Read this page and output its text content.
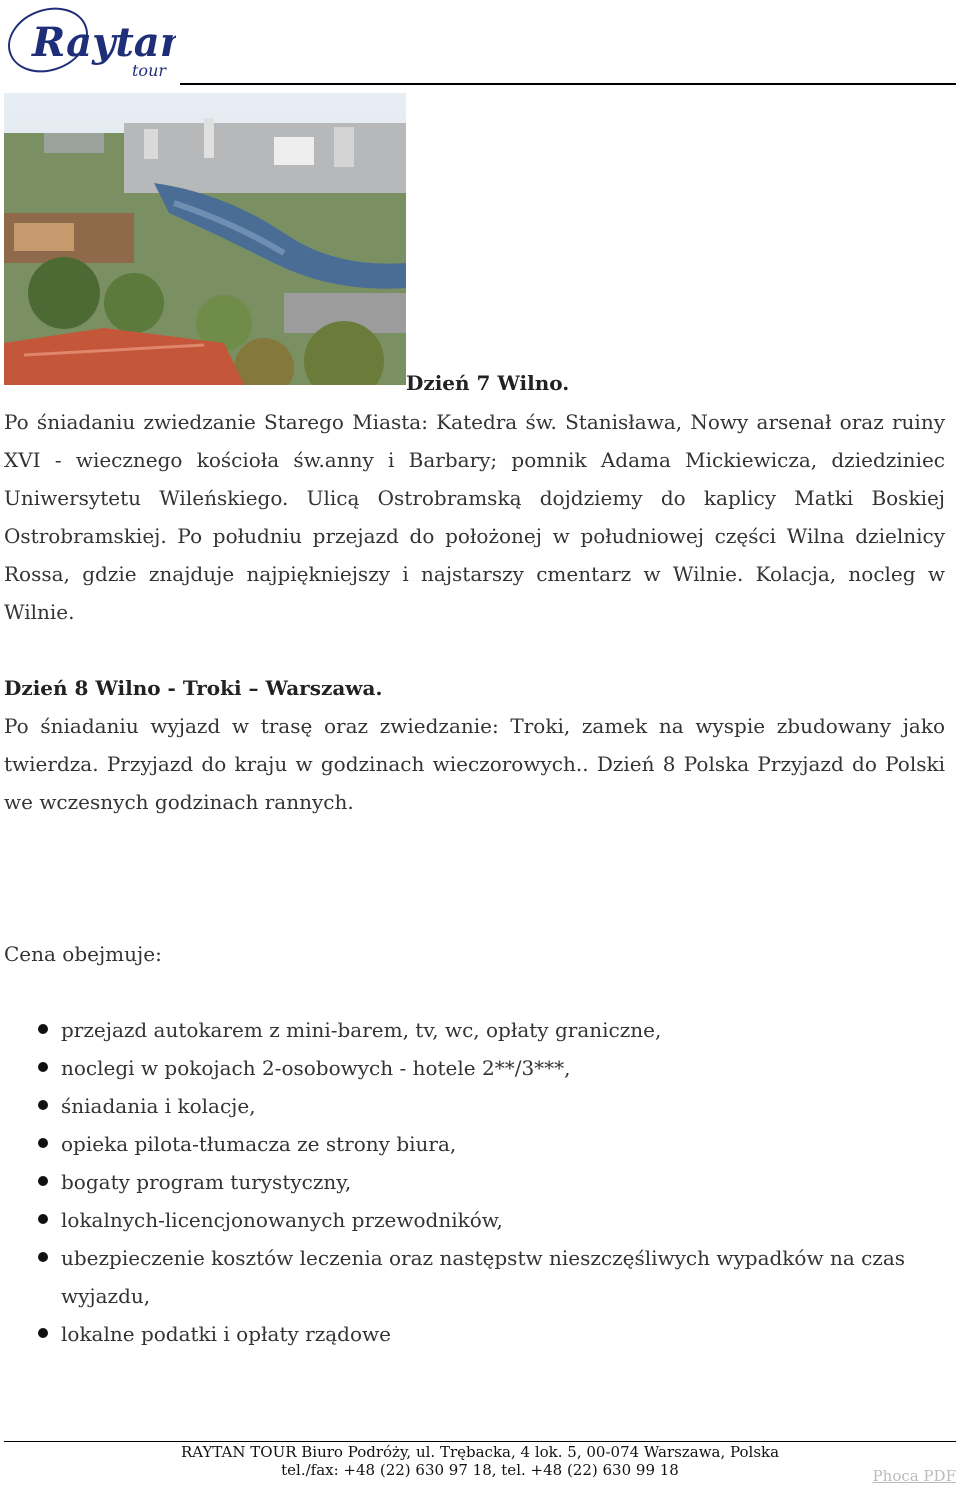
Raytan
tour

Dzień 7 Wilno.

Po śniadaniu zwiedzanie Starego Miasta: Katedra św. Stanisława, Nowy arsenał oraz ruiny XVI - wiecznego kościoła św.anny i Barbary; pomnik Adama Mickiewicza, dziedziniec Uniwersytetu Wileńskiego. Ulicą Ostrobramską dojdziemy do kaplicy Matki Boskiej Ostrobramskiej. Po południu przejazd do położonej w południowej części Wilna dzielnicy Rossa, gdzie znajduje najpiękniejszy i najstarszy cmentarz w Wilnie. Kolacja, nocleg w Wilnie.

Dzień 8 Wilno - Troki – Warszawa.

Po śniadaniu wyjazd w trasę oraz zwiedzanie: Troki, zamek na wyspie zbudowany jako twierdza. Przyjazd do kraju w godzinach wieczorowych.. Dzień 8 Polska Przyjazd do Polski we wczesnych godzinach rannych.

Cena obejmuje:
przejazd autokarem z mini-barem, tv, wc, opłaty graniczne,
noclegi w pokojach 2-osobowych - hotele 2**/3***,
śniadania i kolacje,
opieka pilota-tłumacza ze strony biura,
bogaty program turystyczny,
lokalnych-licencjonowanych przewodników,
ubezpieczenie kosztów leczenia oraz następstw nieszczęśliwych wypadków na czas wyjazdu,
lokalne podatki i opłaty rządowe
RAYTAN TOUR Biuro Podróży, ul. Trębacka, 4 lok. 5, 00-074 Warszawa, Polska
tel./fax: +48 (22) 630 97 18, tel. +48 (22) 630 99 18	Phoca PDF
